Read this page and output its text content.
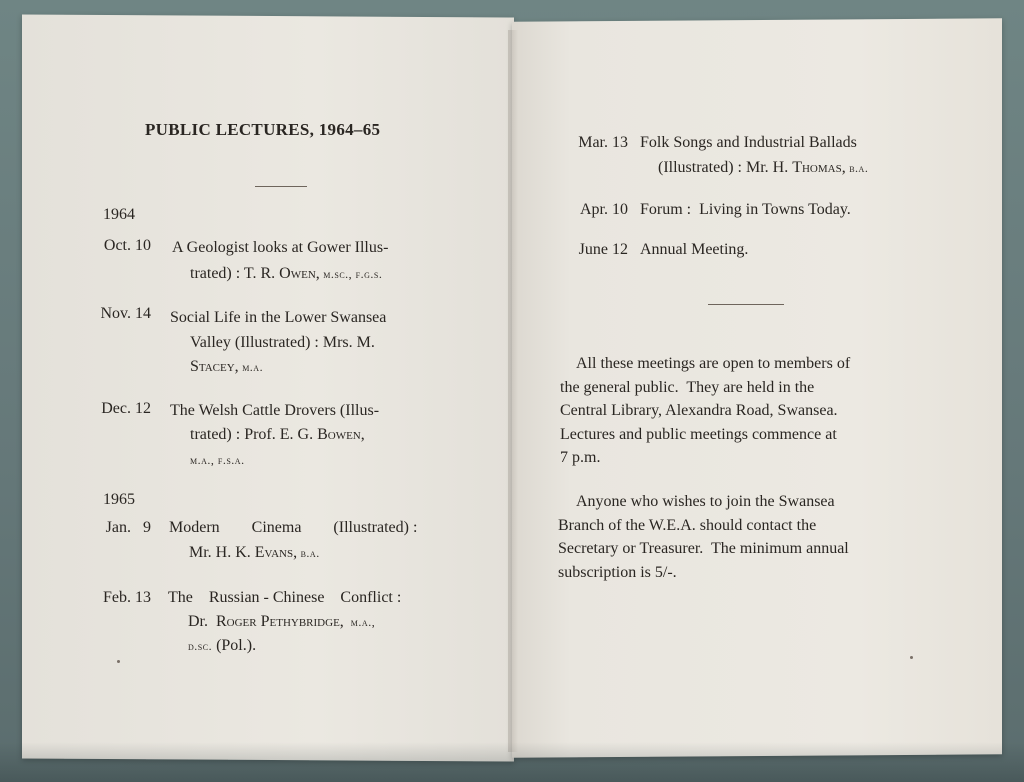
PUBLIC LECTURES, 1964–65
1964
Oct. 10 A Geologist looks at Gower Illus-
trated) : T. R. Owen, m.sc., f.g.s.
Nov. 14 Social Life in the Lower Swansea
Valley (Illustrated) : Mrs. M.
Stacey, m.a.
Dec. 12 The Welsh Cattle Drovers (Illus-
trated) : Prof. E. G. Bowen,
m.a., f.s.a.
1965
Jan.   9 Modern        Cinema        (Illustrated) :
Mr. H. K. Evans, b.a.
Feb. 13 The    Russian - Chinese    Conflict :
Dr.  Roger Pethybridge,  m.a.,
d.sc. (Pol.).
Mar. 13 Folk Songs and Industrial Ballads
(Illustrated) : Mr. H. Thomas, b.a.
Apr. 10 Forum :  Living in Towns Today.
June 12 Annual Meeting.
All these meetings are open to members of
the general public.  They are held in the
Central Library, Alexandra Road, Swansea.
Lectures and public meetings commence at
7 p.m.
Anyone who wishes to join the Swansea
Branch of the W.E.A. should contact the
Secretary or Treasurer.  The minimum annual
subscription is 5/-.
